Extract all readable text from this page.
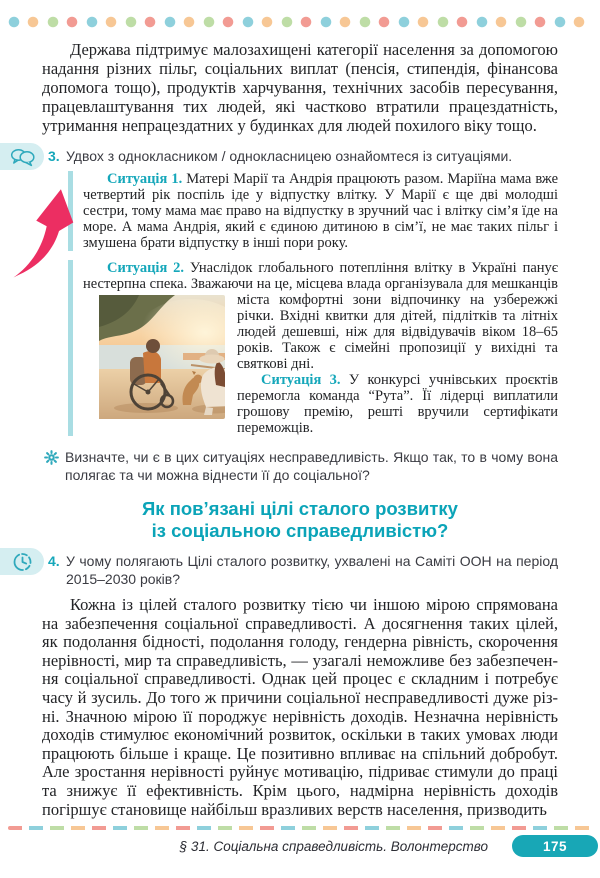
Держава підтримує малозахищені категорії населення за допомогою надання різних пільг, соціальних виплат (пенсія, стипендія, фінансова допомога тощо), продуктів харчування, технічних засобів пересування, працевлаштування тих людей, які частково втратили працездатність, утримання непрацездатних у будинках для людей похилого віку тощо.

3. Удвох з однокласником / однокласницею ознайомтеся із ситуаціями.

Ситуація 1. Матері Марії та Андрія працюють разом. Маріїна мама вже четвертий рік поспіль іде у відпустку влітку. У Марії є ще дві молодші сестри, тому мама має право на відпустку в зручний час і влітку сім’я їде на море. А мама Андрія, який є єдиною дитиною в сім’ї, не має таких пільг і змушена брати відпустку в інші пори року.

Ситуація 2. Унаслідок глобального потепління влітку в Україні панує нестерпна спека. Зважаючи на це, місцева влада організувала для мешканців міста комфортні зони відпочинку на узбережжі
річки. Вхідні квитки для дітей, підлітків та літніх людей дешевші, ніж для відвідувачів віком 18–65 років. Також є сімейні пропозиції у вихідні та святкові дні.

Ситуація 3. У конкурсі учнівських проєктів перемогла команда “Рута”. Її лідерці виплатили грошову премію, решті вручили сертифікати переможців.

Визначте, чи є в цих ситуаціях несправедливість. Якщо так, то в чому вона полягає та чи можна віднести її до соціальної?
Як пов’язані цілі сталого розвитку
із соціальною справедливістю?
4. У чому полягають Цілі сталого розвитку, ухвалені на Саміті ООН на період 2015–2030 років?

Кожна із цілей сталого розвитку тією чи іншою мірою спрямована на забезпечення соціальної справедливості. А досягнення таких цілей, як подолання бідності, подолання голоду, гендерна рівність, скорочення нерівності, мир та справедливість, — узагалі неможливе без забезпечення соціальної справедливості. Однак цей процес є складним і потребує часу й зусиль. До того ж причини соціальної несправедливості дуже різні. Значною мірою її породжує нерівність доходів. Незначна нерівність доходів стимулює економічний розвиток, оскільки в таких умовах люди працюють більше і краще. Це позитивно впливає на спільний добробут. Але зростання нерівності руйнує мотивацію, підриває стимули до праці та знижує її ефективність. Крім цього, надмірна нерівність доходів погіршує становище найбільш вразливих верств населення, призводить

§ 31. Соціальна справедливість. Волонтерство	175
